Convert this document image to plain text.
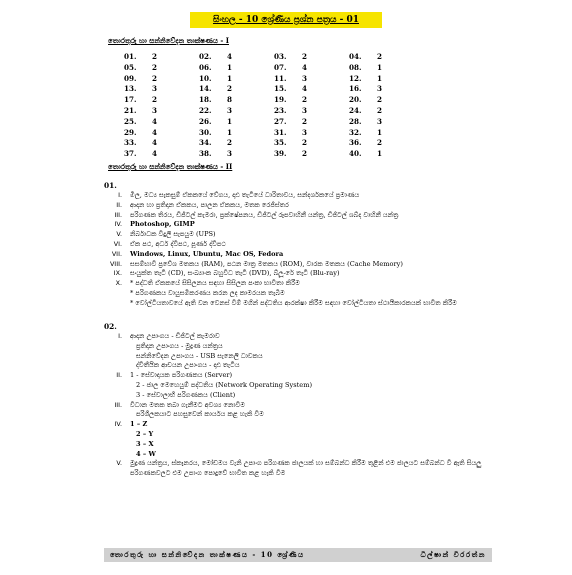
සිංහල - 10 ශ්‍රේණිය ප්‍රශ්න පත්‍රය - 01
තොරතුරු හා සන්නිවේදන තාක්ෂණය - I
01.	2	02.	4	03.	2	04.	2
05.	2	06.	1	07.	4	08.	1
09.	2	10.	1	11.	3	12.	1
13.	3	14.	2	15.	4	16.	3
17.	2	18.	8	19.	2	20.	2
21.	3	22.	3	23.	3	24.	2
25.	4	26.	1	27.	2	28.	3
29.	4	30.	1	31.	3	32.	1
33.	4	34.	2	35.	2	36.	2
37.	4	38.	3	39.	2	40.	1
තොරතුරු හා සන්නිවේදන තාක්ෂණය - II
01.
I.	මිල, මධ්‍ය සැකසුම් ඒකකයේ වේගය, දෘඪ තැටියේ ධාරිතාවය, සන්දර්ශකයේ ප්‍රමාණය
II.	ආදාන හා ප්‍රතිදාන ඒකකය, පාලන ඒකකය, මතක රෙජිස්තර
III.	පරිගණක තිරය, ඩිජිටල් කැමරා, ප්‍රක්ෂේපනය, ඩිජිටල් රූපවාහිනී යන්ත්‍ර, ඩිජිටල් ශබ්ද වාහිනී යන්ත්‍ර
IV.	Photoshop, GIMP
V.	නිර්බාධක විදුලි සැපයුම (UPS)
VI.	ඒක පථ, අර්ධ ද්විපථ, පූර්ණ ද්විපථ
VII.	Windows, Linux, Ubuntu, Mac OS, Fedora
VIII.	සසම්භාවී ප්‍රවේශ මතකය (RAM), පඨන මාත්‍ර මතකය (ROM), වාරක මතකය (Cache Memory)
IX.	සංයුක්ත තැටි (CD), සංඛ්‍යාංක බහුවිධ තැටි (DVD), බ්ලූ-රේ තැටි (Blu-ray)
X.	* පද්ධති ඒකකයේ සිසිලනය සඳහා සිසිලන පංකා භාවිතා කිරීම
* පරිගණකය වායුසමීකරණය කරන ලද කාමරයක තැබීම
* වෝල්ටීයතාවයේ ඇති වන වෙනස් වීම් මගින් පද්ධතිය ආරක්ෂා කිරීම සඳහා වෝල්ටීයතා ස්ථායීකාරකයක් භාවිත කිරීම
02.
I.	ආදාන උපාංගය - ඩිජිටල් කැමරාව
ප්‍රතිදාන උපාංගය - මුද්‍රණ යන්ත්‍රය
සන්නිවේදන උපාංගය - USB සැනෙලි ධාවකය
ද්විතීයික ආචයන උපාංගය - දෘඪ තැටිය
II.	1 - සේවාදායක පරිගණකය (Server)
2 - ජාල මෙහෙයුම් පද්ධතිය (Network Operating System)
3 - සේවාලාභී පරිගණකය (Client)
III.	විධාන මතක තබා ගැනීමට අවශ්‍ය නොවීම
පරිශීලකයාට පහසුවෙන් කාර්යය කළ හැකි වීම
IV.	1 – Z
2 – Y
3 – X
4 – W
V.	මුද්‍රණ යන්ත්‍රය, ස්කෑනරය, මෝඩමය වැනි උපාංග පරිගණක ජාලයක් හා සම්බන්ධ කිරීම තුළින් එම ජාලයට සම්බන්ධ වී ඇති සියලු පරිගණකවලට එම උපාංග පොදුවේ භාවිත කළ හැකි වීම
තොරතුරු හා සන්නිවේදන තාක්ෂණය - 10 ශ්‍රේණිය	ධිල්ෂාන් වීරරත්න
